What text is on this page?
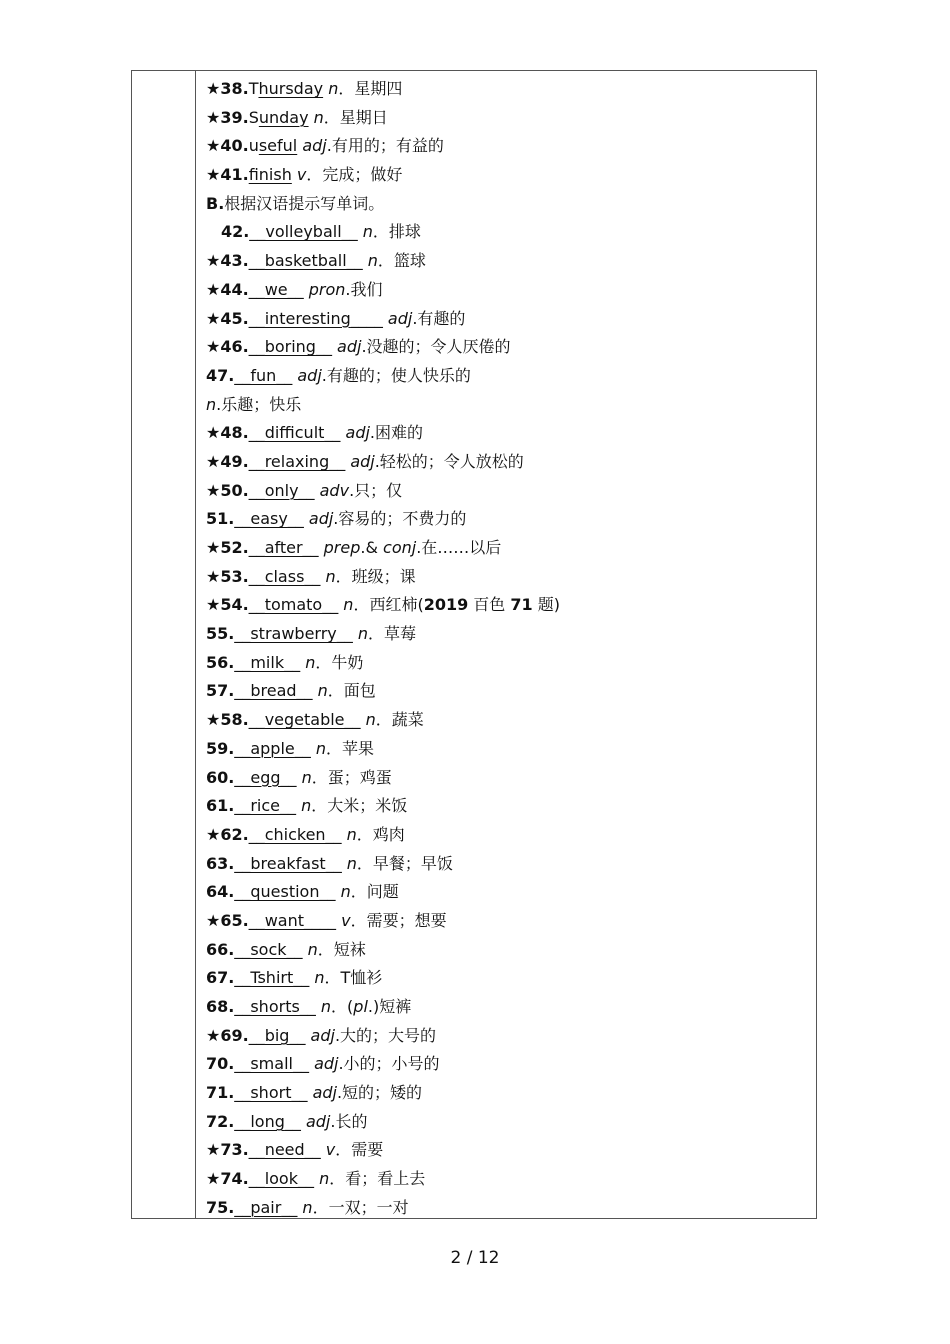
★38.Thursday n．星期四
★39.Sunday n．星期日
★40.useful adj.有用的；有益的
★41.finish v．完成；做好
B.根据汉语提示写单词。
42.__volleyball__ n．排球
★43.__basketball__ n．篮球
★44.__we__ pron.我们
★45.__interesting____ adj.有趣的
★46.__boring__ adj.没趣的；令人厌倦的
47.__fun__ adj.有趣的；使人快乐的
n.乐趣；快乐
★48.__difficult__ adj.困难的
★49.__relaxing__ adj.轻松的；令人放松的
★50.__only__ adv.只；仅
51.__easy__ adj.容易的；不费力的
★52.__after__ prep.& conj.在……以后
★53.__class__ n．班级；课
★54.__tomato__ n．西红柿(2019 百色 71 题)
55.__strawberry__ n．草莓
56.__milk__ n．牛奶
57.__bread__ n．面包
★58.__vegetable__ n．蔬菜
59.__apple__ n．苹果
60.__egg__ n．蛋；鸡蛋
61.__rice__ n．大米；米饭
★62.__chicken__ n．鸡肉
63.__breakfast__ n．早餐；早饭
64.__question__ n．问题
★65.__want____ v．需要；想要
66.__sock__ n．短袜
67.__Tshirt__ n．T恤衫
68.__shorts__ n．(pl.)短裤
★69.__big__ adj.大的；大号的
70.__small__ adj.小的；小号的
71.__short__ adj.短的；矮的
72.__long__ adj.长的
★73.__need__ v．需要
★74.__look__ n．看；看上去
75.__pair__ n．一双；一对
2 / 12
